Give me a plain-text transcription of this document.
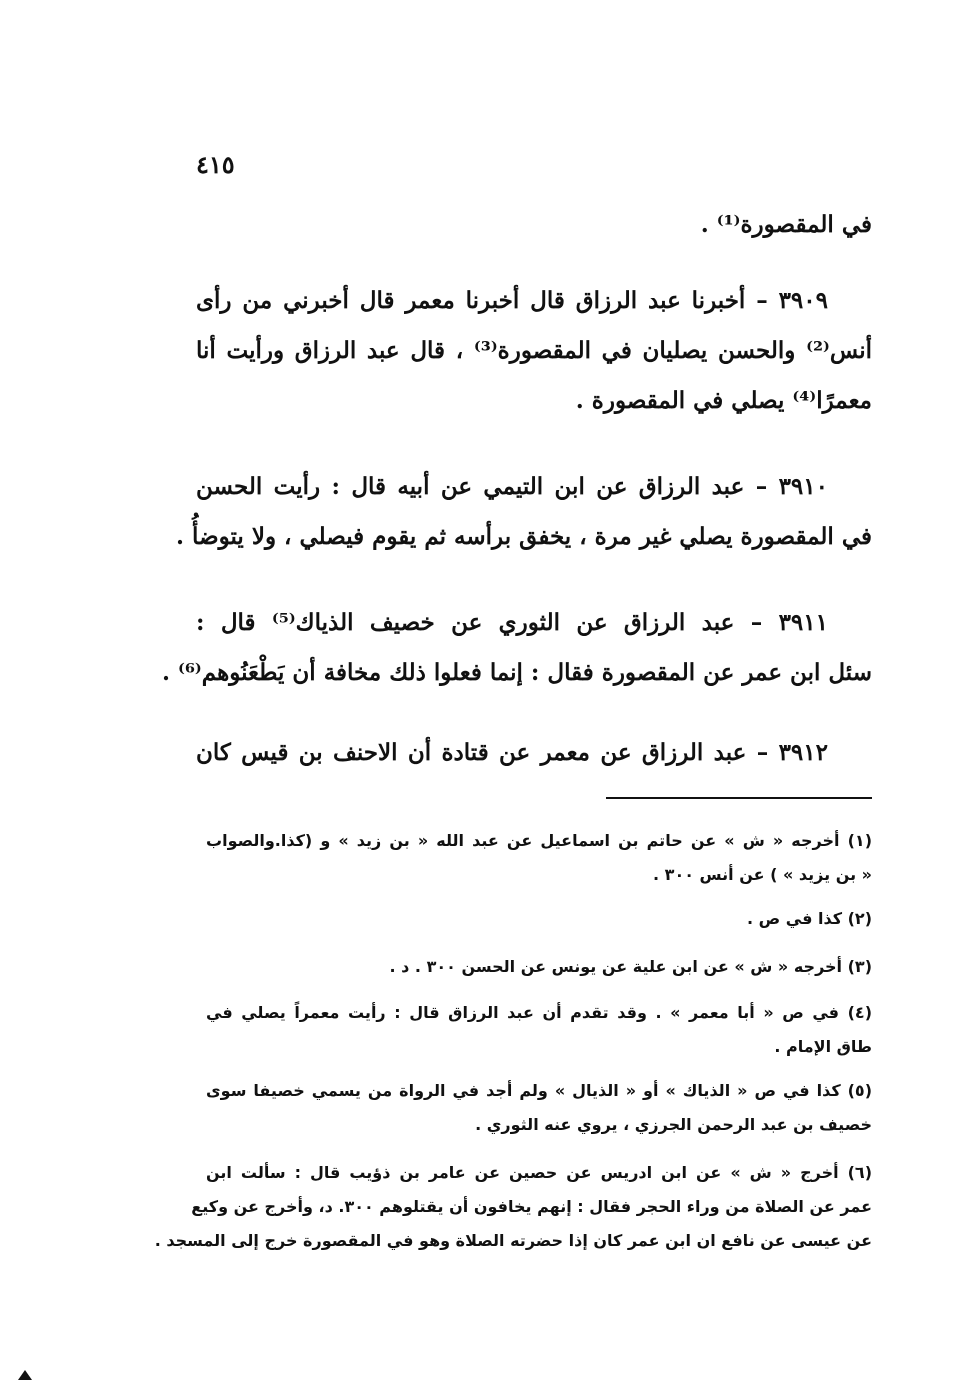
٤١٥
في المقصورة⁽¹⁾ .
٣٩٠٩ – أخبرنا عبد الرزاق قال أخبرنا معمر قال أخبرني من رأى
أنس⁽²⁾ والحسن يصليان في المقصورة⁽³⁾ ، قال عبد الرزاق ورأيت أنا
معمرًا⁽⁴⁾ يصلي في المقصورة .
٣٩١٠ – عبد الرزاق عن ابن التيمي عن أبيه قال : رأيت الحسن
في المقصورة يصلي غير مرة ، يخفق برأسه ثم يقوم فيصلي ، ولا يتوضأُ .
٣٩١١ – عبد الرزاق عن الثوري عن خصيف الذياك⁽⁵⁾ قال :
سئل ابن عمر عن المقصورة فقال : إنما فعلوا ذلك مخافة أن يَطْعَنُوهم⁽⁶⁾ .
٣٩١٢ – عبد الرزاق عن معمر عن قتادة أن الاحنف بن قيس كان
(١) أخرجه « ش » عن حاتم بن اسماعيل عن عبد الله « بن زيد » و (كذا.والصواب
« بن يزيد » ) عن أنس ٣٠٠ .
(٢) كذا في ص .
(٣) أخرجه « ش » عن ابن علية عن يونس عن الحسن ٣٠٠ . د .
(٤) في ص « أبا معمر » . وقد تقدم أن عبد الرزاق قال : رأيت معمراً يصلي في
طاق الإمام .
(٥) كذا في ص « الذياك » أو « الذيال » ولم أجد في الرواة من يسمي خصيفا سوى
خصيف بن عبد الرحمن الجرزي ، يروي عنه الثوري .
(٦) أخرج « ش » عن ابن ادريس عن حصين عن عامر بن ذؤيب قال : سألت ابن
عمر عن الصلاة من وراء الحجر فقال : إنهم يخافون أن يقتلوهم ٣٠٠. د، وأخرج عن وكيع
عن عيسى عن نافع ان ابن عمر كان إذا حضرته الصلاة وهو في المقصورة خرج إلى المسجد .
